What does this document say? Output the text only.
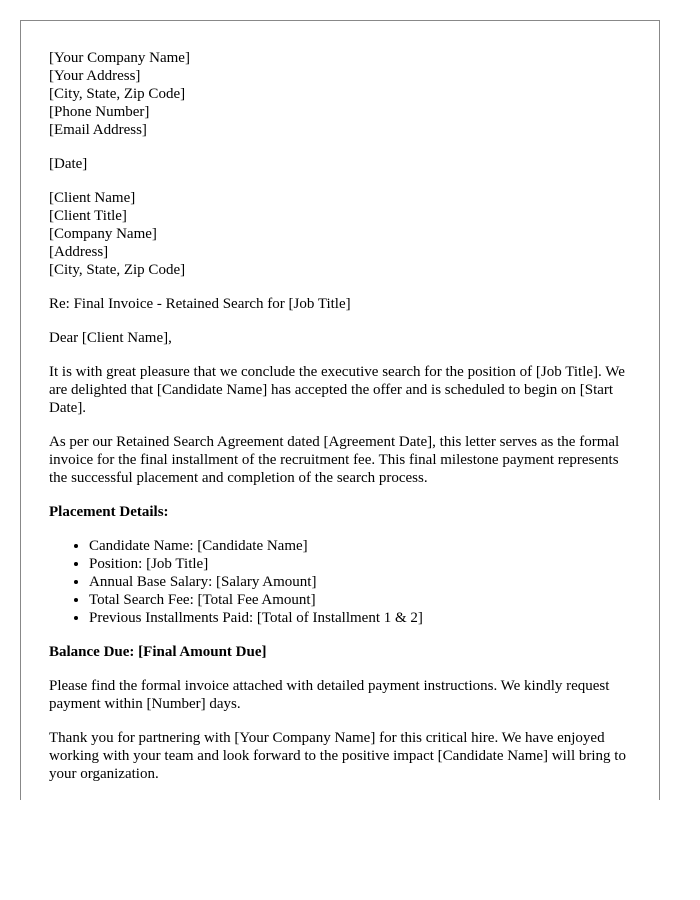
[Your Company Name]
[Your Address]
[City, State, Zip Code]
[Phone Number]
[Email Address]
[Date]
[Client Name]
[Client Title]
[Company Name]
[Address]
[City, State, Zip Code]

Re: Final Invoice - Retained Search for [Job Title]

Dear [Client Name],

It is with great pleasure that we conclude the executive search for the position of [Job Title]. We are delighted that [Candidate Name] has accepted the offer and is scheduled to begin on [Start Date].

As per our Retained Search Agreement dated [Agreement Date], this letter serves as the formal invoice for the final installment of the recruitment fee. This final milestone payment represents the successful placement and completion of the search process.

Placement Details:

• Candidate Name: [Candidate Name]
• Position: [Job Title]
• Annual Base Salary: [Salary Amount]
• Total Search Fee: [Total Fee Amount]
• Previous Installments Paid: [Total of Installment 1 & 2]

Balance Due: [Final Amount Due]

Please find the formal invoice attached with detailed payment instructions. We kindly request payment within [Number] days.

Thank you for partnering with [Your Company Name] for this critical hire. We have enjoyed working with your team and look forward to the positive impact [Candidate Name] will bring to your organization.
